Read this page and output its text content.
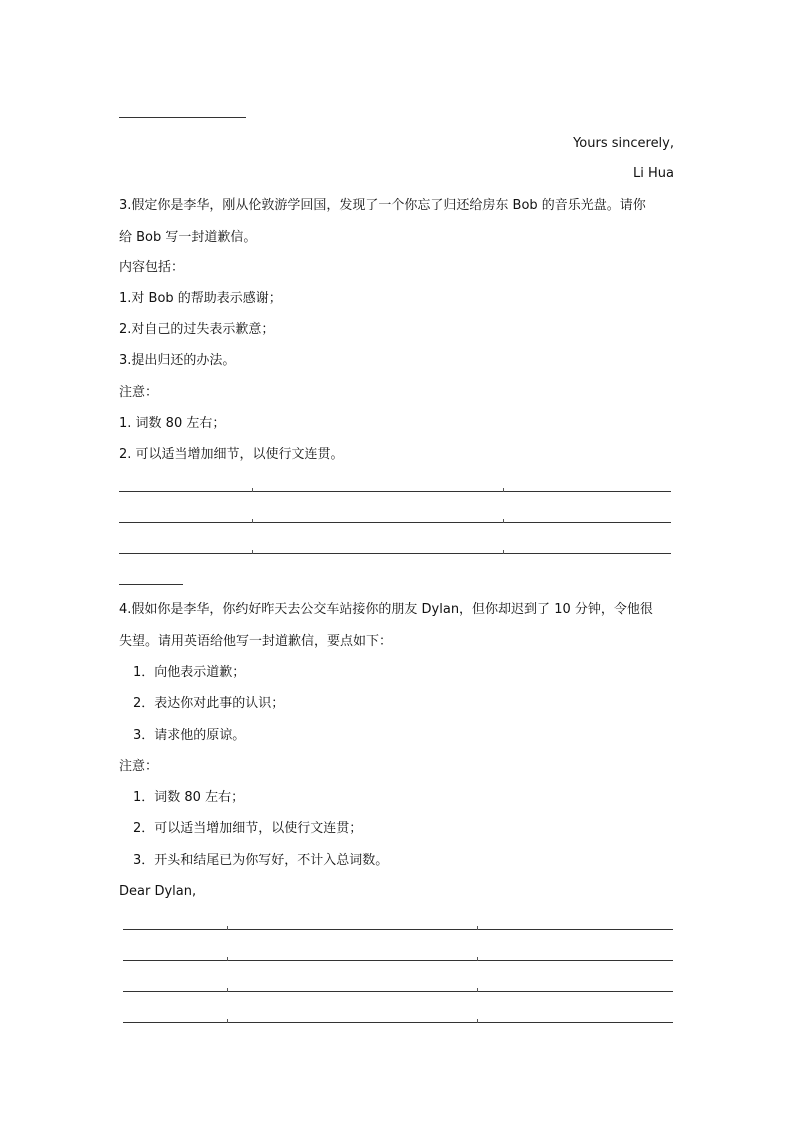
Yours sincerely,
Li Hua
3.假定你是李华，刚从伦敦游学回国，发现了一个你忘了归还给房东 Bob 的音乐光盘。请你
给 Bob 写一封道歉信。
内容包括：
1.对 Bob 的帮助表示感谢；
2.对自己的过失表示歉意；
3.提出归还的办法。
注意：
1. 词数 80 左右；
2. 可以适当增加细节，以使行文连贯。
4.假如你是李华，你约好昨天去公交车站接你的朋友 Dylan，但你却迟到了 10 分钟，令他很
失望。请用英语给他写一封道歉信，要点如下：
1．向他表示道歉；
2．表达你对此事的认识；
3．请求他的原谅。
注意：
1．词数 80 左右；
2．可以适当增加细节，以使行文连贯；
3．开头和结尾已为你写好，不计入总词数。
Dear Dylan,
